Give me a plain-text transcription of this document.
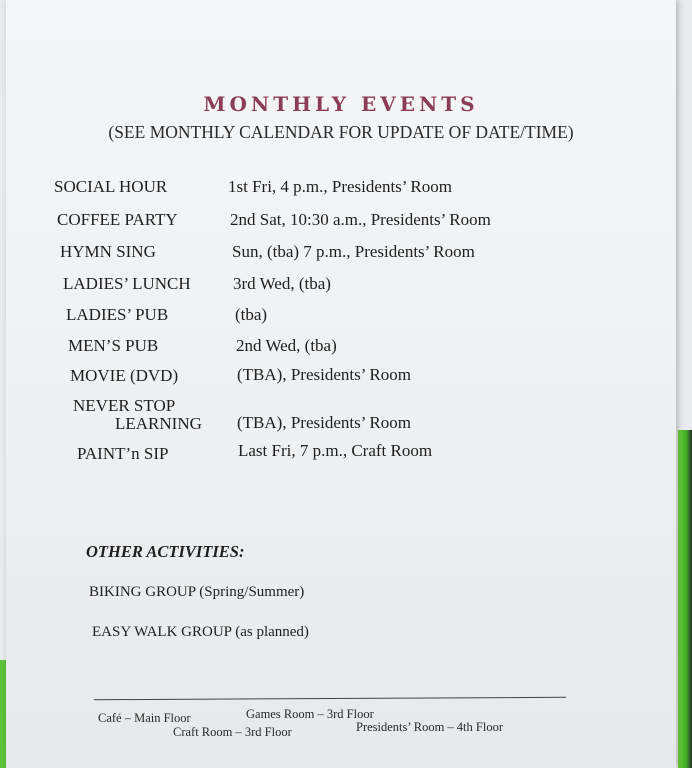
MONTHLY EVENTS
(SEE MONTHLY CALENDAR FOR UPDATE OF DATE/TIME)
SOCIAL HOUR	1st Fri, 4 p.m., Presidents’ Room
COFFEE PARTY	2nd Sat, 10:30 a.m., Presidents’ Room
HYMN SING	Sun, (tba) 7 p.m., Presidents’ Room
LADIES’ LUNCH 3rd Wed, (tba)
LADIES’ PUB	(tba)
MEN’S PUB	2nd Wed, (tba)
MOVIE (DVD)	(TBA), Presidents’ Room
NEVER STOP
LEARNING (TBA), Presidents’ Room
PAINT’n SIP	Last Fri, 7 p.m., Craft Room
OTHER ACTIVITIES:
BIKING GROUP (Spring/Summer)
EASY WALK GROUP (as planned)
Café – Main Floor	Games Room – 3rd Floor
Craft Room – 3rd Floor	Presidents’ Room – 4th Floor
